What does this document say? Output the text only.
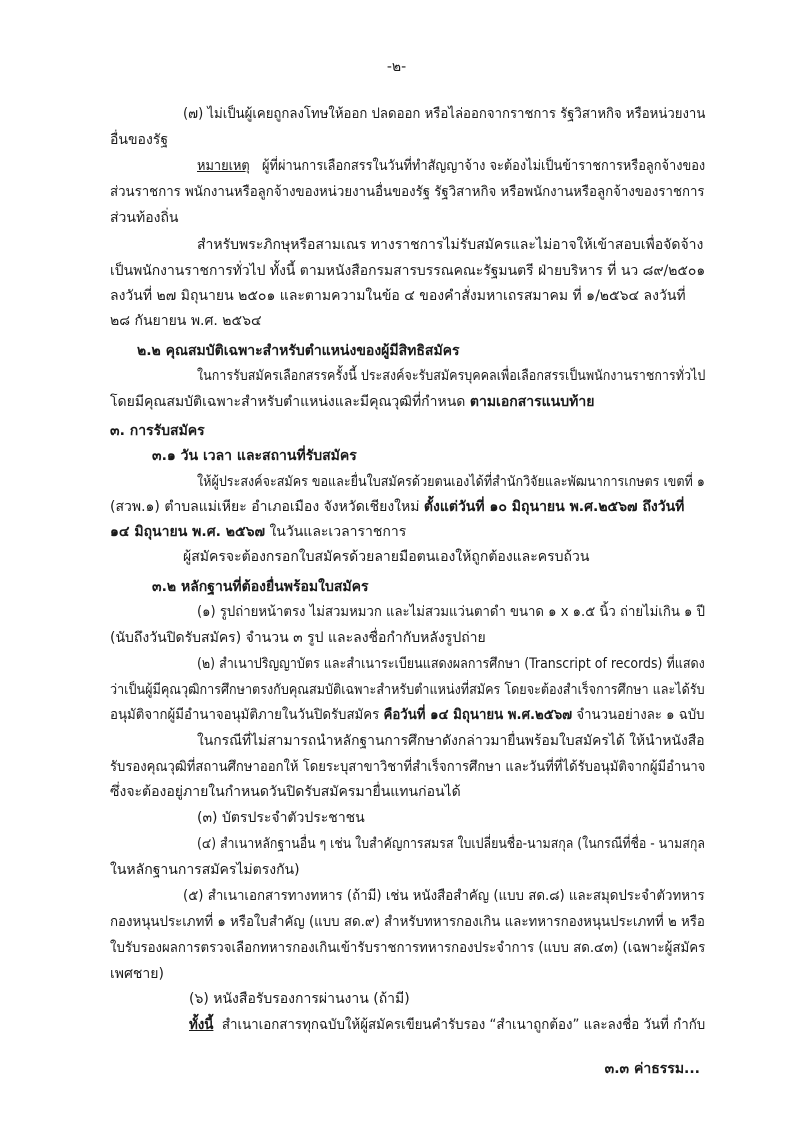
-๒-
(๗) ไม่เป็นผู้เคยถูกลงโทษให้ออก ปลดออก หรือไล่ออกจากราชการ รัฐวิสาหกิจ หรือหน่วยงาน
อื่นของรัฐ
หมายเหตุ ผู้ที่ผ่านการเลือกสรรในวันที่ทำสัญญาจ้าง จะต้องไม่เป็นข้าราชการหรือลูกจ้างของ
ส่วนราชการ พนักงานหรือลูกจ้างของหน่วยงานอื่นของรัฐ รัฐวิสาหกิจ หรือพนักงานหรือลูกจ้างของราชการ
ส่วนท้องถิ่น
สำหรับพระภิกษุหรือสามเณร ทางราชการไม่รับสมัครและไม่อาจให้เข้าสอบเพื่อจัดจ้าง
เป็นพนักงานราชการทั่วไป ทั้งนี้ ตามหนังสือกรมสารบรรณคณะรัฐมนตรี ฝ่ายบริหาร ที่ นว ๘๙/๒๕๐๑
ลงวันที่ ๒๗ มิถุนายน ๒๕๐๑ และตามความในข้อ ๔ ของคำสั่งมหาเถรสมาคม ที่ ๑/๒๕๖๔ ลงวันที่
๒๘ กันยายน พ.ศ. ๒๕๖๔
๒.๒ คุณสมบัติเฉพาะสำหรับตำแหน่งของผู้มีสิทธิสมัคร
ในการรับสมัครเลือกสรรครั้งนี้ ประสงค์จะรับสมัครบุคคลเพื่อเลือกสรรเป็นพนักงานราชการทั่วไป
โดยมีคุณสมบัติเฉพาะสำหรับตำแหน่งและมีคุณวุฒิที่กำหนด ตามเอกสารแนบท้าย
๓. การรับสมัคร
๓.๑ วัน เวลา และสถานที่รับสมัคร
ให้ผู้ประสงค์จะสมัคร ขอและยื่นใบสมัครด้วยตนเองได้ที่สำนักวิจัยและพัฒนาการเกษตร เขตที่ ๑
(สวพ.๑) ตำบลแม่เหียะ อำเภอเมือง จังหวัดเชียงใหม่ ตั้งแต่วันที่ ๑๐ มิถุนายน พ.ศ.๒๕๖๗ ถึงวันที่
๑๔ มิถุนายน พ.ศ. ๒๕๖๗ ในวันและเวลาราชการ
ผู้สมัครจะต้องกรอกใบสมัครด้วยลายมือตนเองให้ถูกต้องและครบถ้วน
๓.๒ หลักฐานที่ต้องยื่นพร้อมใบสมัคร
(๑) รูปถ่ายหน้าตรง ไม่สวมหมวก และไม่สวมแว่นตาดำ ขนาด ๑ x ๑.๕ นิ้ว ถ่ายไม่เกิน ๑ ปี
(นับถึงวันปิดรับสมัคร) จำนวน ๓ รูป และลงชื่อกำกับหลังรูปถ่าย
(๒) สำเนาปริญญาบัตร และสำเนาระเบียนแสดงผลการศึกษา (Transcript of records) ที่แสดง
ว่าเป็นผู้มีคุณวุฒิการศึกษาตรงกับคุณสมบัติเฉพาะสำหรับตำแหน่งที่สมัคร โดยจะต้องสำเร็จการศึกษา และได้รับ
อนุมัติจากผู้มีอำนาจอนุมัติภายในวันปิดรับสมัคร คือวันที่ ๑๔ มิถุนายน พ.ศ.๒๕๖๗ จำนวนอย่างละ ๑ ฉบับ
ในกรณีที่ไม่สามารถนำหลักฐานการศึกษาดังกล่าวมายื่นพร้อมใบสมัครได้ ให้นำหนังสือ
รับรองคุณวุฒิที่สถานศึกษาออกให้ โดยระบุสาขาวิชาที่สำเร็จการศึกษา และวันที่ที่ได้รับอนุมัติจากผู้มีอำนาจ
ซึ่งจะต้องอยู่ภายในกำหนดวันปิดรับสมัครมายื่นแทนก่อนได้
(๓) บัตรประจำตัวประชาชน
(๔) สำเนาหลักฐานอื่น ๆ เช่น ใบสำคัญการสมรส ใบเปลี่ยนชื่อ-นามสกุล (ในกรณีที่ชื่อ - นามสกุล
ในหลักฐานการสมัครไม่ตรงกัน)
(๕) สำเนาเอกสารทางทหาร (ถ้ามี) เช่น หนังสือสำคัญ (แบบ สด.๘) และสมุดประจำตัวทหาร
กองหนุนประเภทที่ ๑ หรือใบสำคัญ (แบบ สด.๙) สำหรับทหารกองเกิน และทหารกองหนุนประเภทที่ ๒ หรือ
ใบรับรองผลการตรวจเลือกทหารกองเกินเข้ารับราชการทหารกองประจำการ (แบบ สด.๔๓) (เฉพาะผู้สมัคร
เพศชาย)
(๖) หนังสือรับรองการผ่านงาน (ถ้ามี)
ทั้งนี้ สำเนาเอกสารทุกฉบับให้ผู้สมัครเขียนคำรับรอง “สำเนาถูกต้อง” และลงชื่อ วันที่ กำกับ
๓.๓ ค่าธรรม...
